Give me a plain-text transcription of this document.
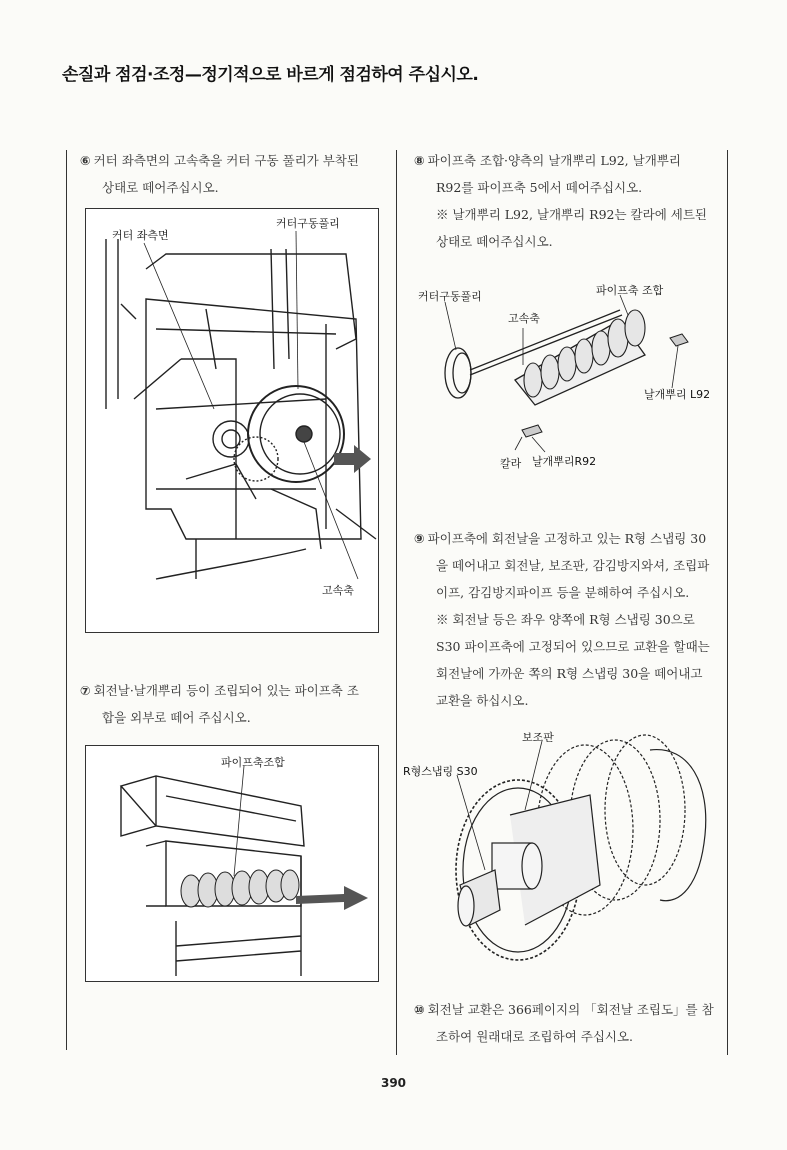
손질과 점검·조정—정기적으로 바르게 점검하여 주십시오.

⑥ 커터 좌측면의 고속축을 커터 구동 풀리가 부착된

상태로 떼어주십시오.

커터 좌측면
커터구동풀리
고속축

⑦ 회전날·날개뿌리 등이 조립되어 있는 파이프축 조

합을 외부로 떼어 주십시오.

파이프축조합

⑧ 파이프축 조합·양측의 날개뿌리 L92, 날개뿌리

R92를 파이프축 5에서 떼어주십시오.

※ 날개뿌리 L92, 날개뿌리 R92는 칼라에 세트된

상태로 떼어주십시오.

커터구동풀리
고속축
파이프축 조합
날개뿌리 L92
칼라 날개뿌리R92

⑨ 파이프축에 회전날을 고정하고 있는 R형 스냅링 30

을 떼어내고 회전날, 보조판, 감김방지와셔, 조립파

이프, 감김방지파이프 등을 분해하여 주십시오.

※ 회전날 등은 좌우 양쪽에 R형 스냅링 30으로

S30 파이프축에 고정되어 있으므로 교환을 할때는

회전날에 가까운 쪽의 R형 스냅링 30을 떼어내고

교환을 하십시오.

보조판
R형스냅링 S30

⑩ 회전날 교환은 366페이지의 「회전날 조립도」를 참

조하여 원래대로 조립하여 주십시오.

390
